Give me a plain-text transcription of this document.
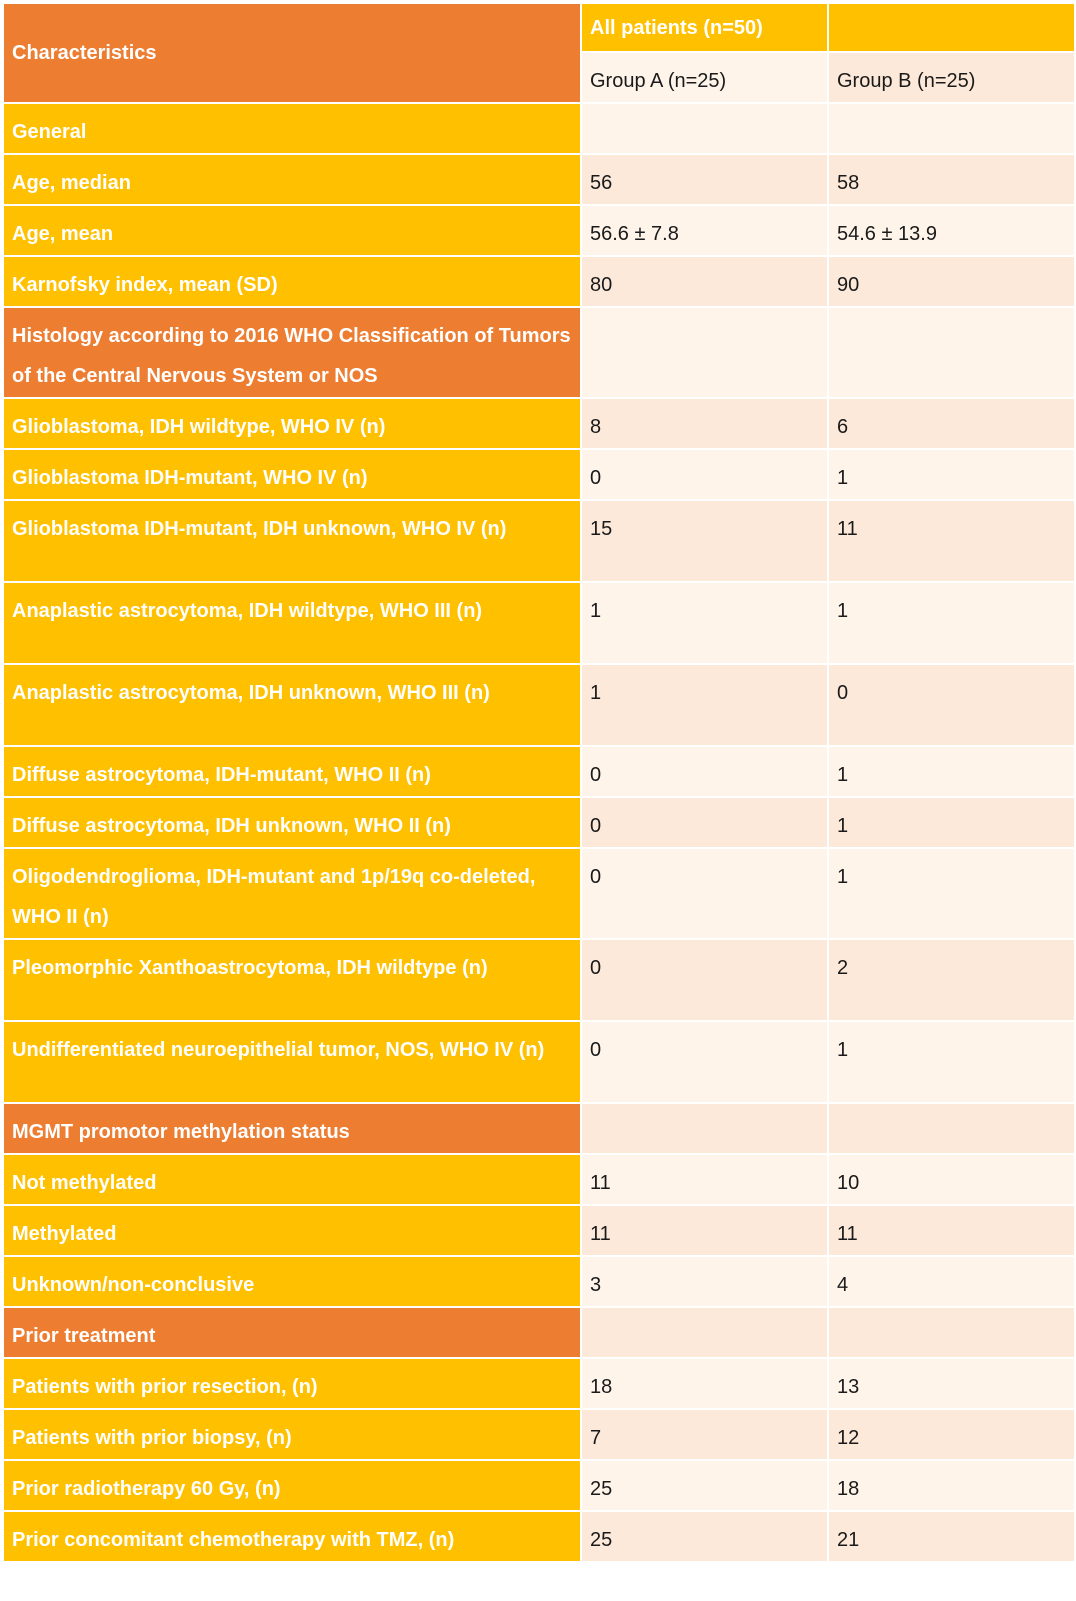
Characteristics	All patients (n=50)	
	Group A (n=25)	Group B (n=25)
General		
Age, median	56	58
Age, mean	56.6 ± 7.8	54.6 ± 13.9
Karnofsky index, mean (SD)	80	90
Histology according to 2016 WHO Classification of Tumors of the Central Nervous System or NOS		
Glioblastoma, IDH wildtype, WHO IV (n)	8	6
Glioblastoma IDH-mutant, WHO IV (n)	0	1
Glioblastoma IDH-mutant, IDH unknown, WHO IV (n)	15	11
Anaplastic astrocytoma, IDH wildtype, WHO III (n)	1	1
Anaplastic astrocytoma, IDH unknown, WHO III (n)	1	0
Diffuse astrocytoma, IDH-mutant, WHO II (n)	0	1
Diffuse astrocytoma, IDH unknown, WHO II (n)	0	1
Oligodendroglioma, IDH-mutant and 1p/19q co-deleted, WHO II (n)	0	1
Pleomorphic Xanthoastrocytoma, IDH wildtype (n)	0	2
Undifferentiated neuroepithelial tumor, NOS, WHO IV (n)	0	1
MGMT promotor methylation status		
Not methylated	11	10
Methylated	11	11
Unknown/non-conclusive	3	4
Prior treatment		
Patients with prior resection, (n)	18	13
Patients with prior biopsy, (n)	7	12
Prior radiotherapy 60 Gy, (n)	25	18
Prior concomitant chemotherapy with TMZ, (n)	25	21
